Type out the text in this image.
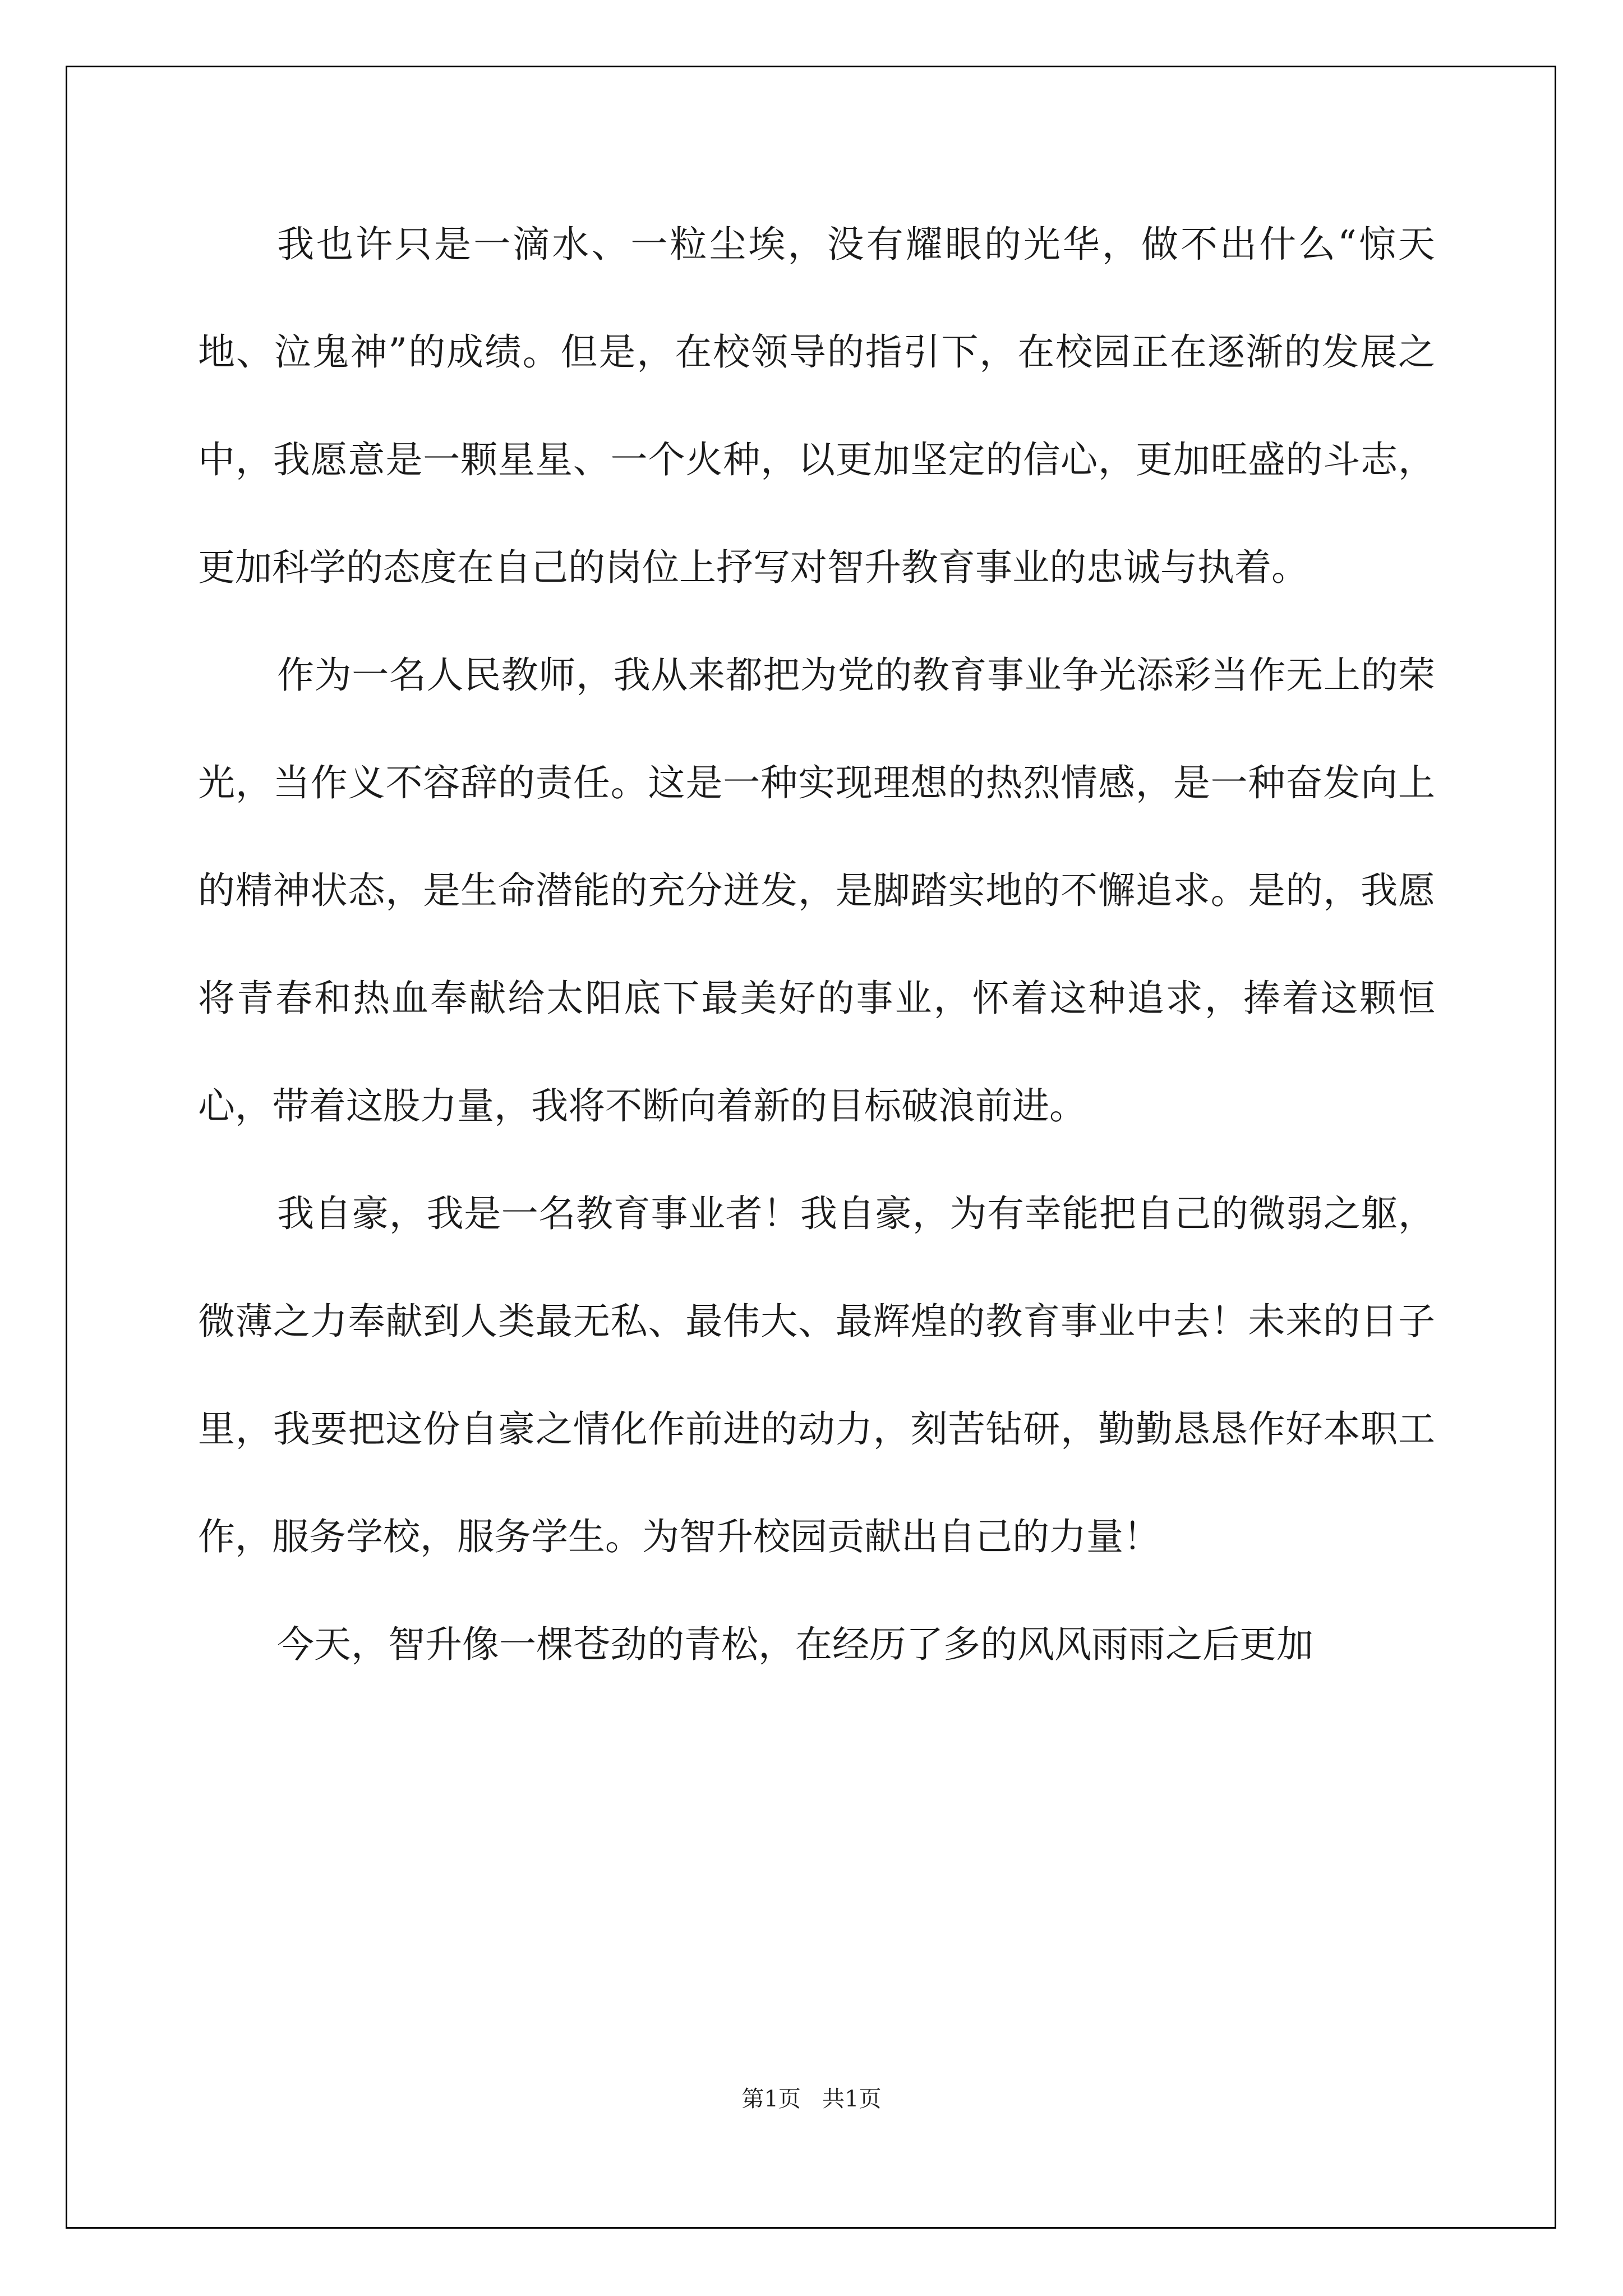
我也许只是一滴水、一粒尘埃，没有耀眼的光华，做不出什么“惊天地、泣鬼神”的成绩。但是，在校领导的指引下，在校园正在逐渐的发展之中，我愿意是一颗星星、一个火种，以更加坚定的信心，更加旺盛的斗志，更加科学的态度在自己的岗位上抒写对智升教育事业的忠诚与执着。

作为一名人民教师，我从来都把为党的教育事业争光添彩当作无上的荣光，当作义不容辞的责任。这是一种实现理想的热烈情感，是一种奋发向上的精神状态，是生命潜能的充分迸发，是脚踏实地的不懈追求。是的，我愿将青春和热血奉献给太阳底下最美好的事业，怀着这种追求，捧着这颗恒心，带着这股力量，我将不断向着新的目标破浪前进。

我自豪，我是一名教育事业者！我自豪，为有幸能把自己的微弱之躯，微薄之力奉献到人类最无私、最伟大、最辉煌的教育事业中去！未来的日子里，我要把这份自豪之情化作前进的动力，刻苦钻研，勤勤恳恳作好本职工作，服务学校，服务学生。为智升校园贡献出自己的力量！

今天，智升像一棵苍劲的青松，在经历了多的风风雨雨之后更加

第1页   共1页
